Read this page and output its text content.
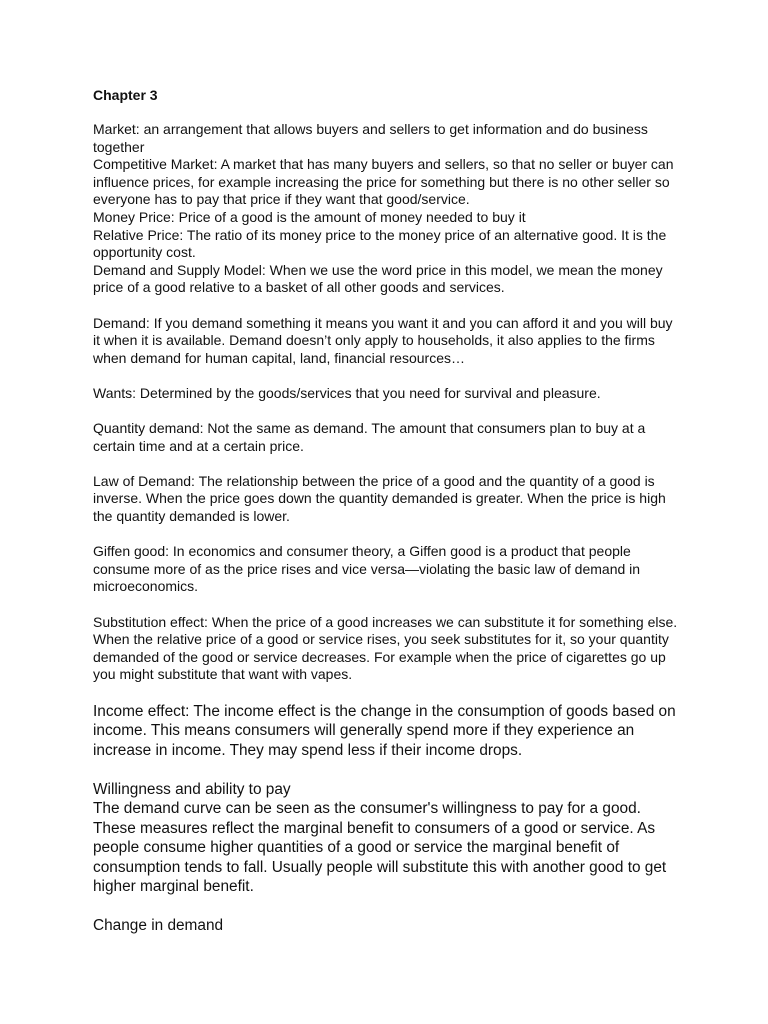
Chapter 3

Market: an arrangement that allows buyers and sellers to get information and do business together

Competitive Market: A market that has many buyers and sellers, so that no seller or buyer can influence prices, for example increasing the price for something but there is no other seller so everyone has to pay that price if they want that good/service.

Money Price: Price of a good is the amount of money needed to buy it

Relative Price: The ratio of its money price to the money price of an alternative good. It is the opportunity cost.

Demand and Supply Model: When we use the word price in this model, we mean the money price of a good relative to a basket of all other goods and services.

Demand: If you demand something it means you want it and you can afford it and you will buy it when it is available. Demand doesn’t only apply to households, it also applies to the firms when demand for human capital, land, financial resources…

Wants: Determined by the goods/services that you need for survival and pleasure.

Quantity demand: Not the same as demand. The amount that consumers plan to buy at a certain time and at a certain price.

Law of Demand: The relationship between the price of a good and the quantity of a good is inverse. When the price goes down the quantity demanded is greater. When the price is high the quantity demanded is lower.

Giffen good: In economics and consumer theory, a Giffen good is a product that people consume more of as the price rises and vice versa—violating the basic law of demand in microeconomics.

Substitution effect: When the price of a good increases we can substitute it for something else. When the relative price of a good or service rises, you seek substitutes for it, so your quantity demanded of the good or service decreases. For example when the price of cigarettes go up you might substitute that want with vapes.

Income effect: The income effect is the change in the consumption of goods based on income. This means consumers will generally spend more if they experience an increase in income. They may spend less if their income drops.

Willingness and ability to pay

The demand curve can be seen as the consumer's willingness to pay for a good. These measures reflect the marginal benefit to consumers of a good or service. As people consume higher quantities of a good or service the marginal benefit of consumption tends to fall. Usually people will substitute this with another good to get higher marginal benefit.

Change in demand
